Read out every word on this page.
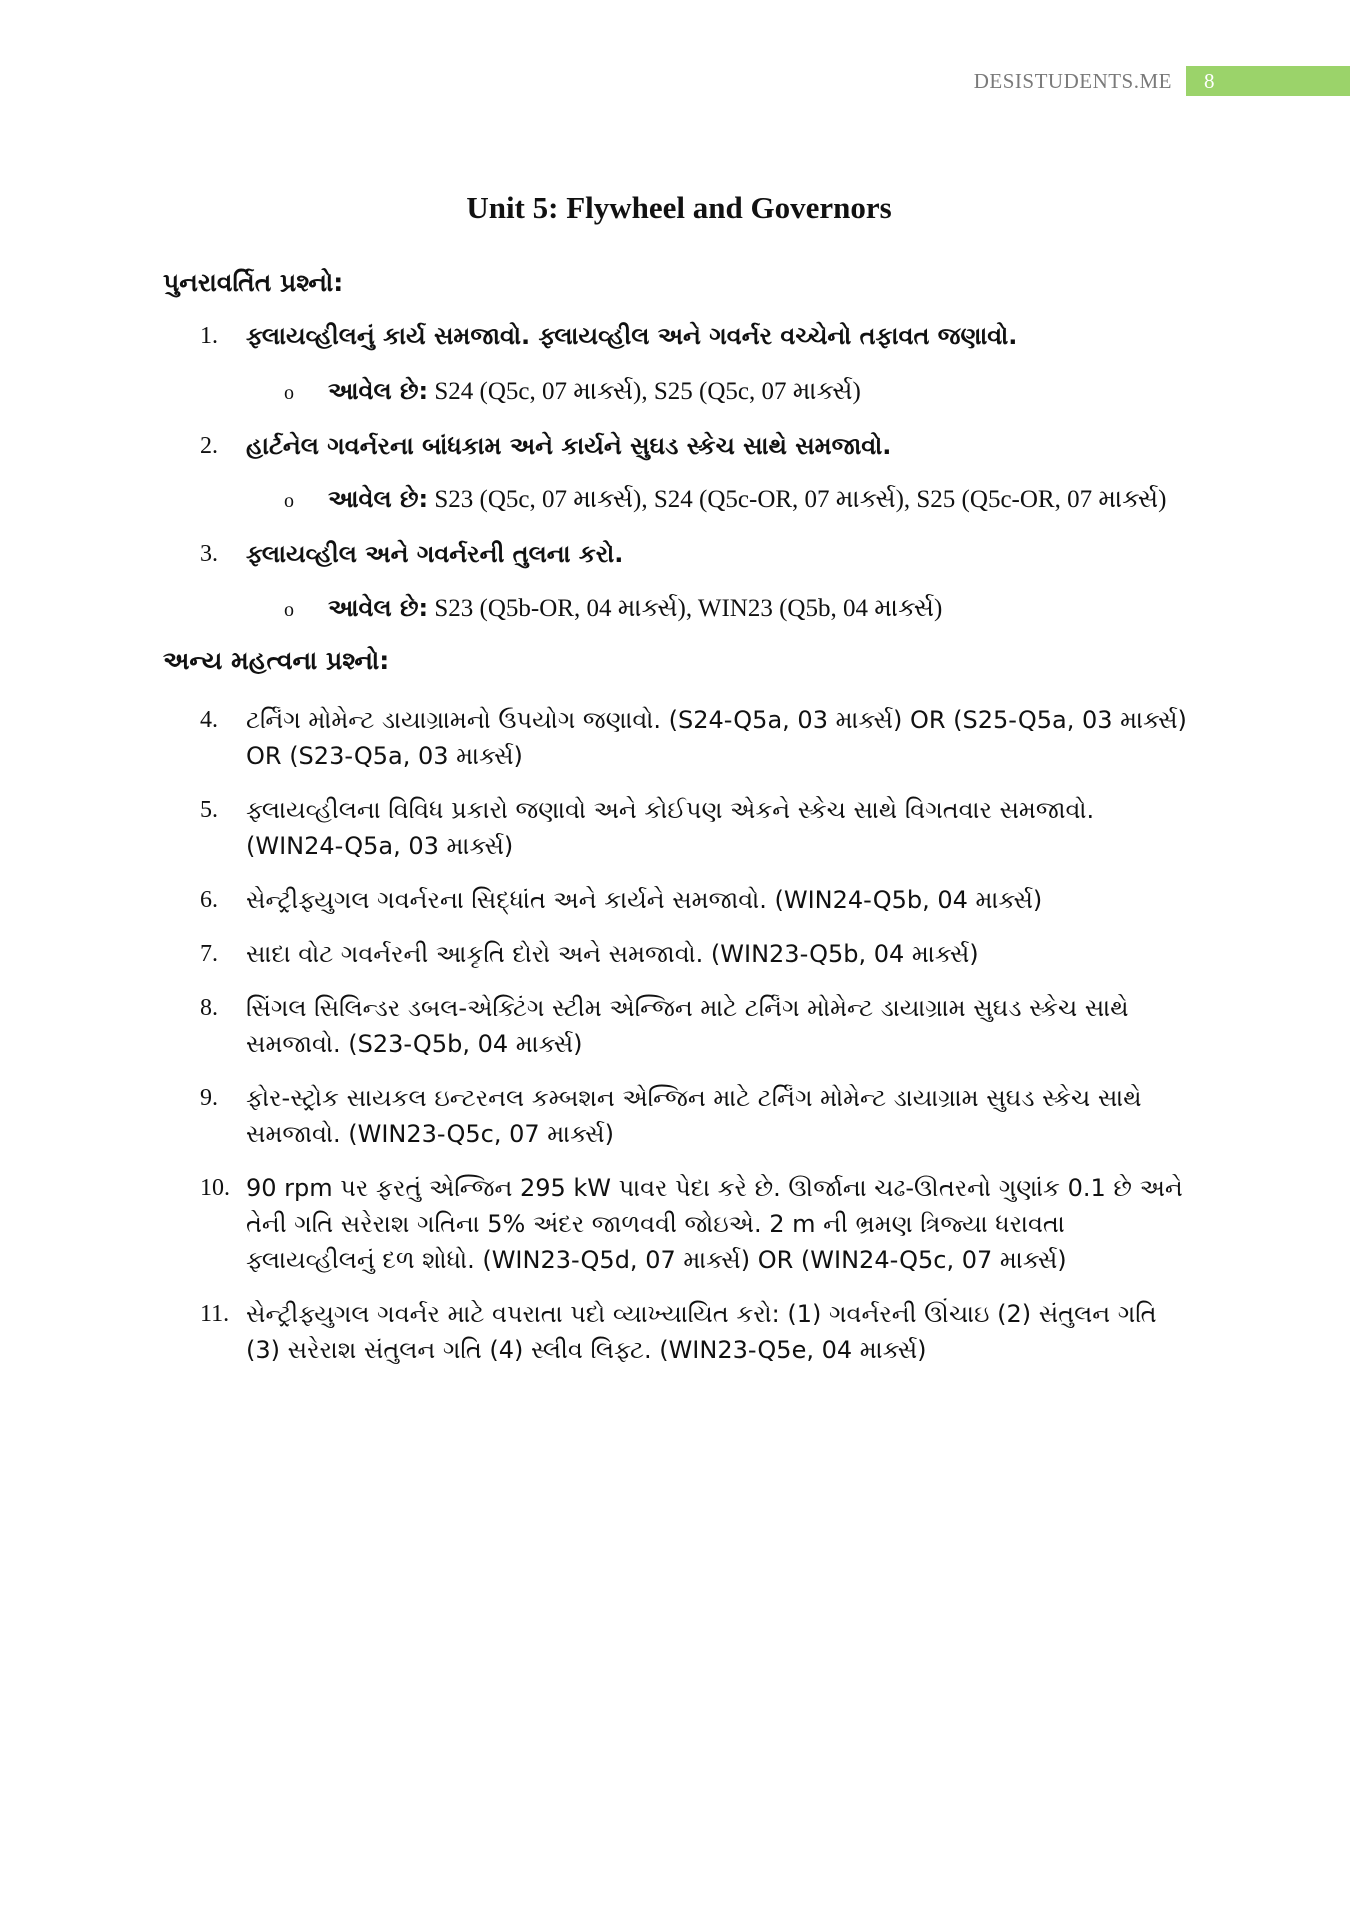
DESISTUDENTS.ME	8
Unit 5: Flywheel and Governors
પુનરાવર્તિત પ્રશ્નો:
1. ફ્લાયવ્હીલનું કાર્ય સમજાવો. ફ્લાયવ્હીલ અને ગવર્નર વચ્ચેનો તફાવત જણાવો.
o આવેલ છે: S24 (Q5c, 07 માર્ક્સ), S25 (Q5c, 07 માર્ક્સ)
2. હાર્ટનેલ ગવર્નરના બાંધકામ અને કાર્યને સુઘડ સ્કેચ સાથે સમજાવો.
o આવેલ છે: S23 (Q5c, 07 માર્ક્સ), S24 (Q5c-OR, 07 માર્ક્સ), S25 (Q5c-OR, 07 માર્ક્સ)
3. ફ્લાયવ્હીલ અને ગવર્નરની તુલના કરો.
o આવેલ છે: S23 (Q5b-OR, 04 માર્ક્સ), WIN23 (Q5b, 04 માર્ક્સ)
અન્ય મહત્વના પ્રશ્નો:
4. ટર્નિંગ મોમેન્ટ ડાયાગ્રામનો ઉપયોગ જણાવો. (S24-Q5a, 03 માર્ક્સ) OR (S25-Q5a, 03 માર્ક્સ) OR (S23-Q5a, 03 માર્ક્સ)
5. ફ્લાયવ્હીલના વિવિધ પ્રકારો જણાવો અને કોઈપણ એકને સ્કેચ સાથે વિગતવાર સમજાવો. (WIN24-Q5a, 03 માર્ક્સ)
6. સેન્ટ્રીફ્યુગલ ગવર્નરના સિદ્ધાંત અને કાર્યને સમજાવો. (WIN24-Q5b, 04 માર્ક્સ)
7. સાદા વોટ ગવર્નરની આકૃતિ દોરો અને સમજાવો. (WIN23-Q5b, 04 માર્ક્સ)
8. સિંગલ સિલિન્ડર ડબલ-એક્ટિંગ સ્ટીમ એન્જિન માટે ટર્નિંગ મોમેન્ટ ડાયાગ્રામ સુઘડ સ્કેચ સાથે સમજાવો. (S23-Q5b, 04 માર્ક્સ)
9. ફોર-સ્ટ્રોક સાયકલ ઇન્ટરનલ કમ્બશન એન્જિન માટે ટર્નિંગ મોમેન્ટ ડાયાગ્રામ સુઘડ સ્કેચ સાથે સમજાવો. (WIN23-Q5c, 07 માર્ક્સ)
10. 90 rpm પર ફરતું એન્જિન 295 kW પાવર પેદા કરે છે. ઊર્જાના ચઢ-ઊતરનો ગુણાંક 0.1 છે અને તેની ગતિ સરેરાશ ગતિના 5% અંદર જાળવવી જોઇએ. 2 m ની ભ્રમણ ત્રિજ્યા ધરાવતા ફ્લાયવ્હીલનું દળ શોધો. (WIN23-Q5d, 07 માર્ક્સ) OR (WIN24-Q5c, 07 માર્ક્સ)
11. સેન્ટ્રીફ્યુગલ ગવર્નર માટે વપરાતા પદો વ્યાખ્યાયિત કરો: (1) ગવર્નરની ઊંચાઇ (2) સંતુલન ગતિ (3) સરેરાશ સંતુલન ગતિ (4) સ્લીવ લિફ્ટ. (WIN23-Q5e, 04 માર્ક્સ)
